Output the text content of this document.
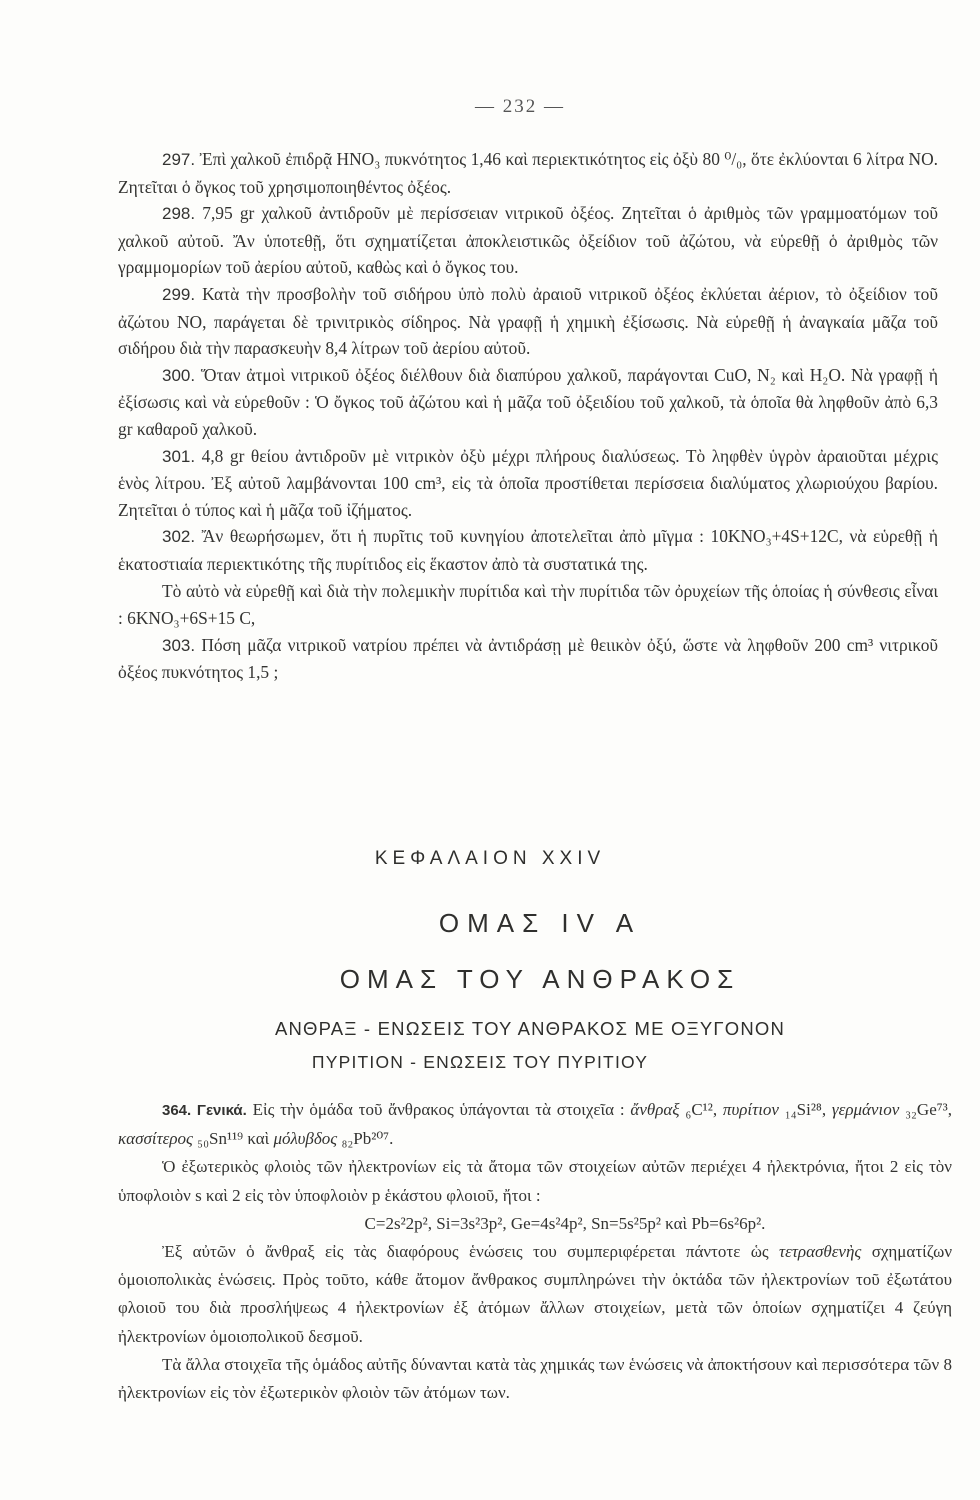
— 232 —

297. Ἐπὶ χαλκοῦ ἐπιδρᾷ HNO₃ πυκνότητος 1,46 καὶ περιεκτικότητος εἰς ὀξὺ 80 ⁰/₀, ὅτε ἐκλύονται 6 λίτρα NO. Ζητεῖται ὁ ὄγκος τοῦ χρησιμοποιηθέντος ὀξέος.

298. 7,95 gr χαλκοῦ ἀντιδροῦν μὲ περίσσειαν νιτρικοῦ ὀξέος. Ζητεῖται ὁ ἀριθμὸς τῶν γραμμοατόμων τοῦ χαλκοῦ αὐτοῦ. Ἄν ὑποτεθῇ, ὅτι σχηματίζεται ἀποκλειστικῶς ὀξείδιον τοῦ ἀζώτου, νὰ εὑρεθῇ ὁ ἀριθμὸς τῶν γραμμομορίων τοῦ ἀερίου αὐτοῦ, καθὼς καὶ ὁ ὄγκος του.

299. Κατὰ τὴν προσβολὴν τοῦ σιδήρου ὑπὸ πολὺ ἀραιοῦ νιτρικοῦ ὀξέος ἐκλύεται ἀέριον, τὸ ὀξείδιον τοῦ ἀζώτου NO, παράγεται δὲ τρινιτρικὸς σίδηρος. Νὰ γραφῇ ἡ χημικὴ ἐξίσωσις. Νὰ εὑρεθῇ ἡ ἀναγκαία μᾶζα τοῦ σιδήρου διὰ τὴν παρασκευὴν 8,4 λίτρων τοῦ ἀερίου αὐτοῦ.

300. Ὅταν ἀτμοὶ νιτρικοῦ ὀξέος διέλθουν διὰ διαπύρου χαλκοῦ, παράγονται CuO, N₂ καὶ H₂O. Νὰ γραφῇ ἡ ἐξίσωσις καὶ νὰ εὑρεθοῦν : Ὁ ὄγκος τοῦ ἀζώτου καὶ ἡ μᾶζα τοῦ ὀξειδίου τοῦ χαλκοῦ, τὰ ὁποῖα θὰ ληφθοῦν ἀπὸ 6,3 gr καθαροῦ χαλκοῦ.

301. 4,8 gr θείου ἀντιδροῦν μὲ νιτρικὸν ὀξὺ μέχρι πλήρους διαλύσεως. Τὸ ληφθὲν ὑγρὸν ἀραιοῦται μέχρις ἑνὸς λίτρου. Ἐξ αὐτοῦ λαμβάνονται 100 cm³, εἰς τὰ ὁποῖα προστίθεται περίσσεια διαλύματος χλωριούχου βαρίου. Ζητεῖται ὁ τύπος καὶ ἡ μᾶζα τοῦ ἰζήματος.

302. Ἄν θεωρήσωμεν, ὅτι ἡ πυρῖτις τοῦ κυνηγίου ἀποτελεῖται ἀπὸ μῖγμα : 10KNO₃+4S+12C, νὰ εὑρεθῇ ἡ ἑκατοστιαία περιεκτικότης τῆς πυρίτιδος εἰς ἕκαστον ἀπὸ τὰ συστατικά της.

Τὸ αὐτὸ νὰ εὑρεθῇ καὶ διὰ τὴν πολεμικὴν πυρίτιδα καὶ τὴν πυρίτιδα τῶν ὀρυχείων τῆς ὁποίας ἡ σύνθεσις εἶναι : 6KNO₃+6S+15 C,

303. Πόση μᾶζα νιτρικοῦ νατρίου πρέπει νὰ ἀντιδράσῃ μὲ θειικὸν ὀξύ, ὥστε νὰ ληφθοῦν 200 cm³ νιτρικοῦ ὀξέος πυκνότητος 1,5 ;

ΚΕΦΑΛΑΙΟΝ XXIV
ΟΜΑΣ IV A
ΟΜΑΣ ΤΟΥ ΑΝΘΡΑΚΟΣ
ΑΝΘΡΑΞ - ΕΝΩΣΕΙΣ ΤΟΥ ΑΝΘΡΑΚΟΣ ΜΕ ΟΞΥΓΟΝΟΝ
ΠΥΡΙΤΙΟΝ - ΕΝΩΣΕΙΣ ΤΟΥ ΠΥΡΙΤΙΟΥ

364. Γενικά. Εἰς τὴν ὁμάδα τοῦ ἄνθρακος ὑπάγονται τὰ στοιχεῖα : ἄνθραξ ₆C¹², πυρίτιον ₁₄Si²⁸, γερμάνιον ₃₂Ge⁷³, κασσίτερος ₅₀Sn¹¹⁹ καὶ μόλυβδος ₈₂Pb²⁰⁷.

Ὁ ἐξωτερικὸς φλοιὸς τῶν ἠλεκτρονίων εἰς τὰ ἄτομα τῶν στοιχείων αὐτῶν περιέχει 4 ἠλεκτρόνια, ἤτοι 2 εἰς τὸν ὑποφλοιὸν s καὶ 2 εἰς τὸν ὑποφλοιὸν p ἑκάστου φλοιοῦ, ἤτοι :

C=2s²2p², Si=3s²3p², Ge=4s²4p², Sn=5s²5p² καὶ Pb=6s²6p².

Ἐξ αὐτῶν ὁ ἄνθραξ εἰς τὰς διαφόρους ἑνώσεις του συμπεριφέρεται πάντοτε ὡς τετρασθενὴς σχηματίζων ὁμοιοπολικὰς ἑνώσεις. Πρὸς τοῦτο, κάθε ἄτομον ἄνθρακος συμπληρώνει τὴν ὀκτάδα τῶν ἠλεκτρονίων τοῦ ἐξωτάτου φλοιοῦ του διὰ προσλήψεως 4 ἠλεκτρονίων ἐξ ἀτόμων ἄλλων στοιχείων, μετὰ τῶν ὁποίων σχηματίζει 4 ζεύγη ἠλεκτρονίων ὁμοιοπολικοῦ δεσμοῦ.

Τὰ ἄλλα στοιχεῖα τῆς ὁμάδος αὐτῆς δύνανται κατὰ τὰς χημικάς των ἑνώσεις νὰ ἀποκτήσουν καὶ περισσότερα τῶν 8 ἠλεκτρονίων εἰς τὸν ἐξωτερικὸν φλοιὸν τῶν ἀτόμων των.
